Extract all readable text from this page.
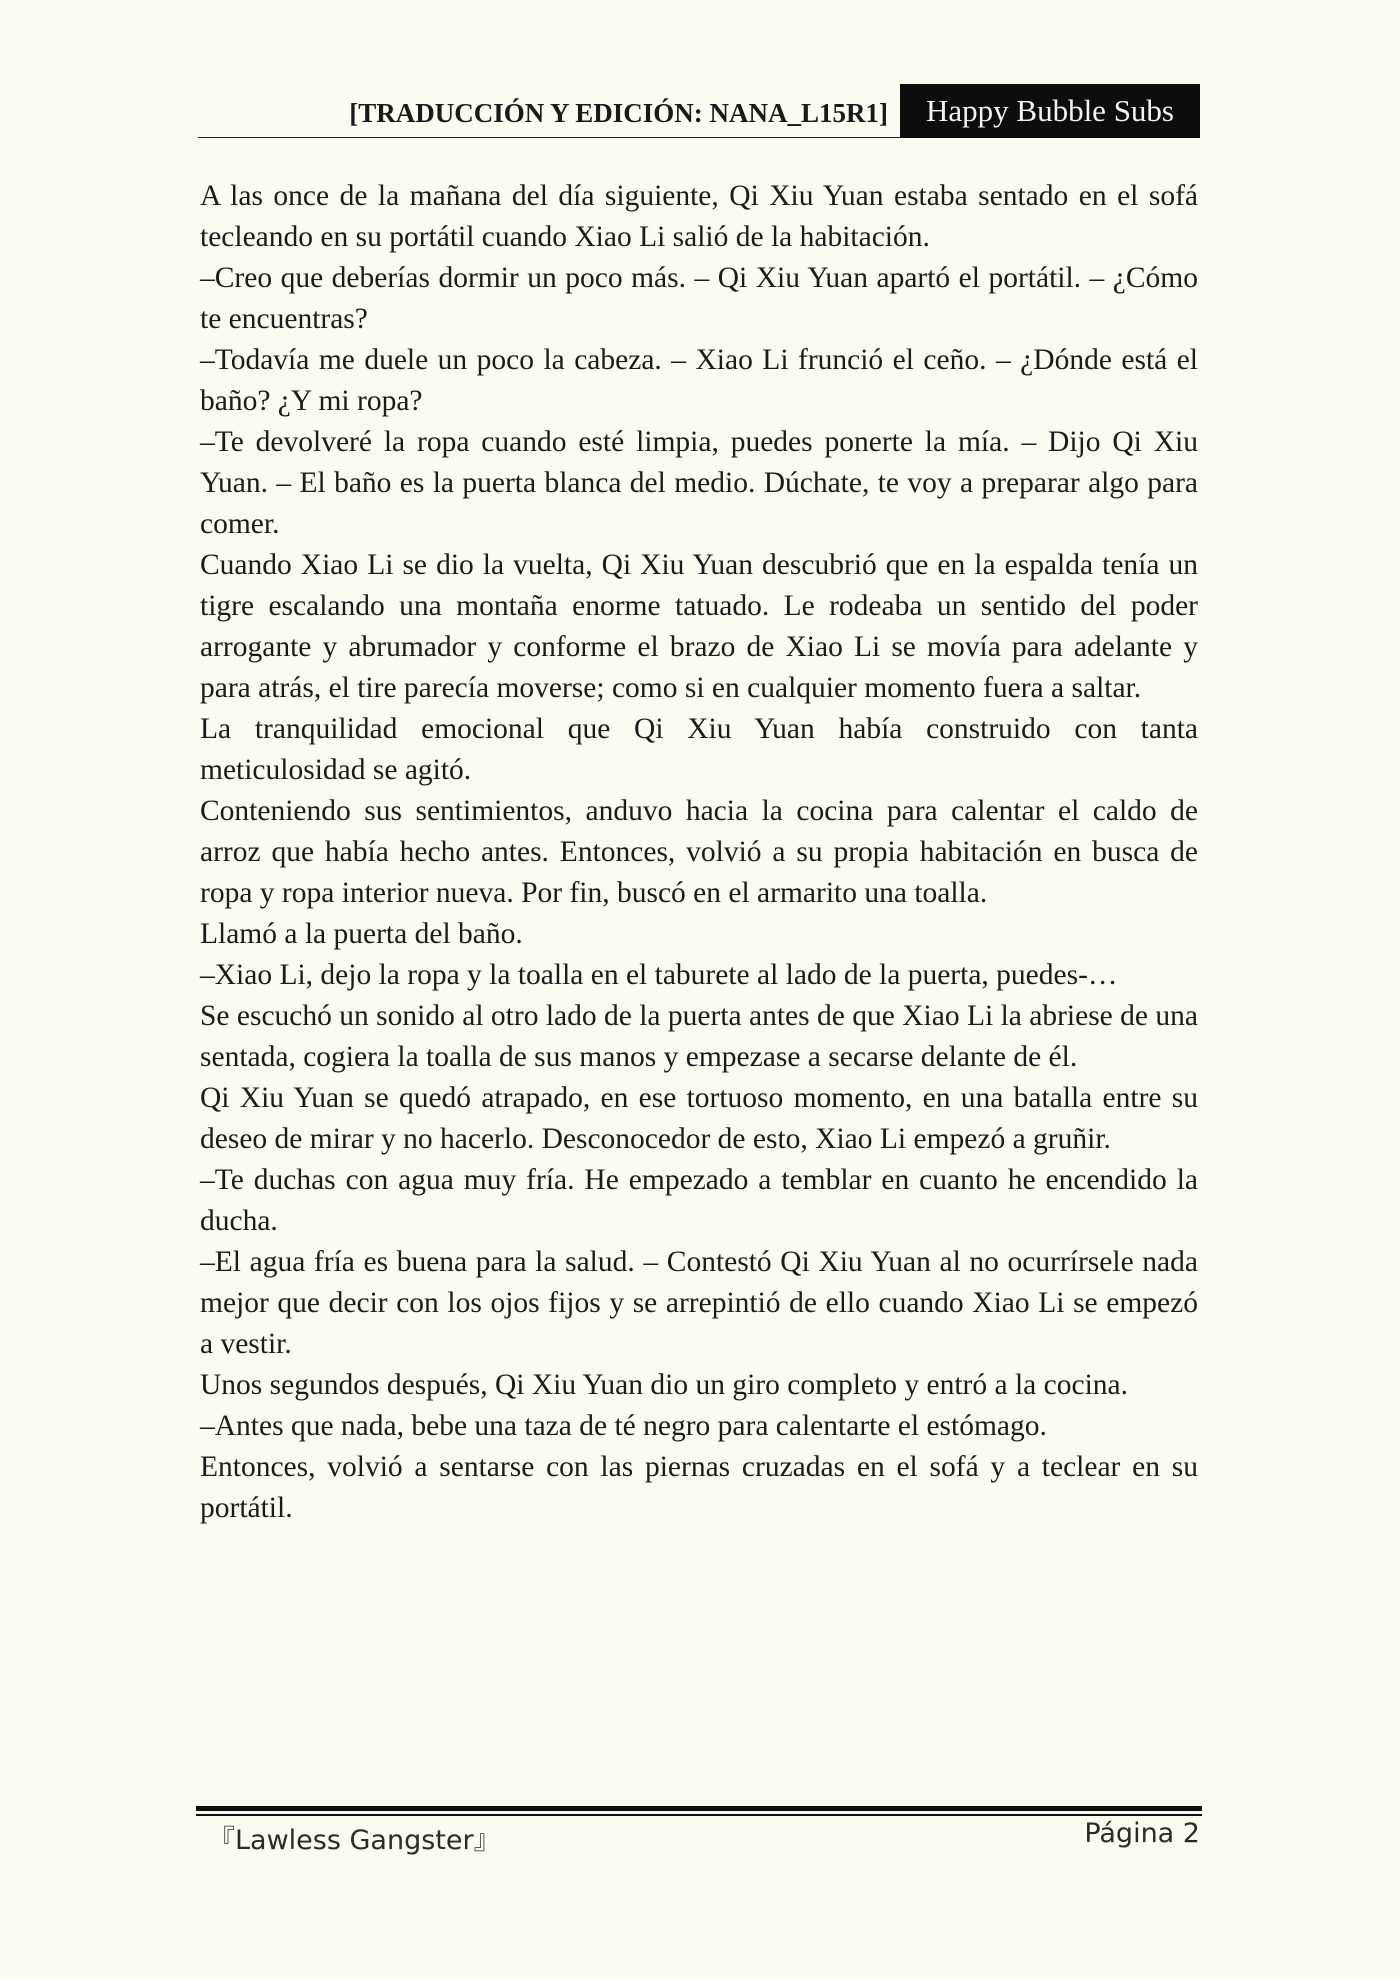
[TRADUCCIÓN Y EDICIÓN: NANA_L15R1]	Happy Bubble Subs

A las once de la mañana del día siguiente, Qi Xiu Yuan estaba sentado en el sofá tecleando en su portátil cuando Xiao Li salió de la habitación.

–Creo que deberías dormir un poco más. – Qi Xiu Yuan apartó el portátil. – ¿Cómo te encuentras?

–Todavía me duele un poco la cabeza. – Xiao Li frunció el ceño. – ¿Dónde está el baño? ¿Y mi ropa?

–Te devolveré la ropa cuando esté limpia, puedes ponerte la mía. – Dijo Qi Xiu Yuan. – El baño es la puerta blanca del medio. Dúchate, te voy a preparar algo para comer.

Cuando Xiao Li se dio la vuelta, Qi Xiu Yuan descubrió que en la espalda tenía un tigre escalando una montaña enorme tatuado. Le rodeaba un sentido del poder arrogante y abrumador y conforme el brazo de Xiao Li se movía para adelante y para atrás, el tire parecía moverse; como si en cualquier momento fuera a saltar.

La tranquilidad emocional que Qi Xiu Yuan había construido con tanta meticulosidad se agitó.

Conteniendo sus sentimientos, anduvo hacia la cocina para calentar el caldo de arroz que había hecho antes. Entonces, volvió a su propia habitación en busca de ropa y ropa interior nueva. Por fin, buscó en el armarito una toalla.

Llamó a la puerta del baño.

–Xiao Li, dejo la ropa y la toalla en el taburete al lado de la puerta, puedes-…

Se escuchó un sonido al otro lado de la puerta antes de que Xiao Li la abriese de una sentada, cogiera la toalla de sus manos y empezase a secarse delante de él.

Qi Xiu Yuan se quedó atrapado, en ese tortuoso momento, en una batalla entre su deseo de mirar y no hacerlo. Desconocedor de esto, Xiao Li empezó a gruñir.

–Te duchas con agua muy fría. He empezado a temblar en cuanto he encendido la ducha.

–El agua fría es buena para la salud. – Contestó Qi Xiu Yuan al no ocurrírsele nada mejor que decir con los ojos fijos y se arrepintió de ello cuando Xiao Li se empezó a vestir.

Unos segundos después, Qi Xiu Yuan dio un giro completo y entró a la cocina.

–Antes que nada, bebe una taza de té negro para calentarte el estómago.

Entonces, volvió a sentarse con las piernas cruzadas en el sofá y a teclear en su portátil.

『Lawless Gangster』	Página 2
